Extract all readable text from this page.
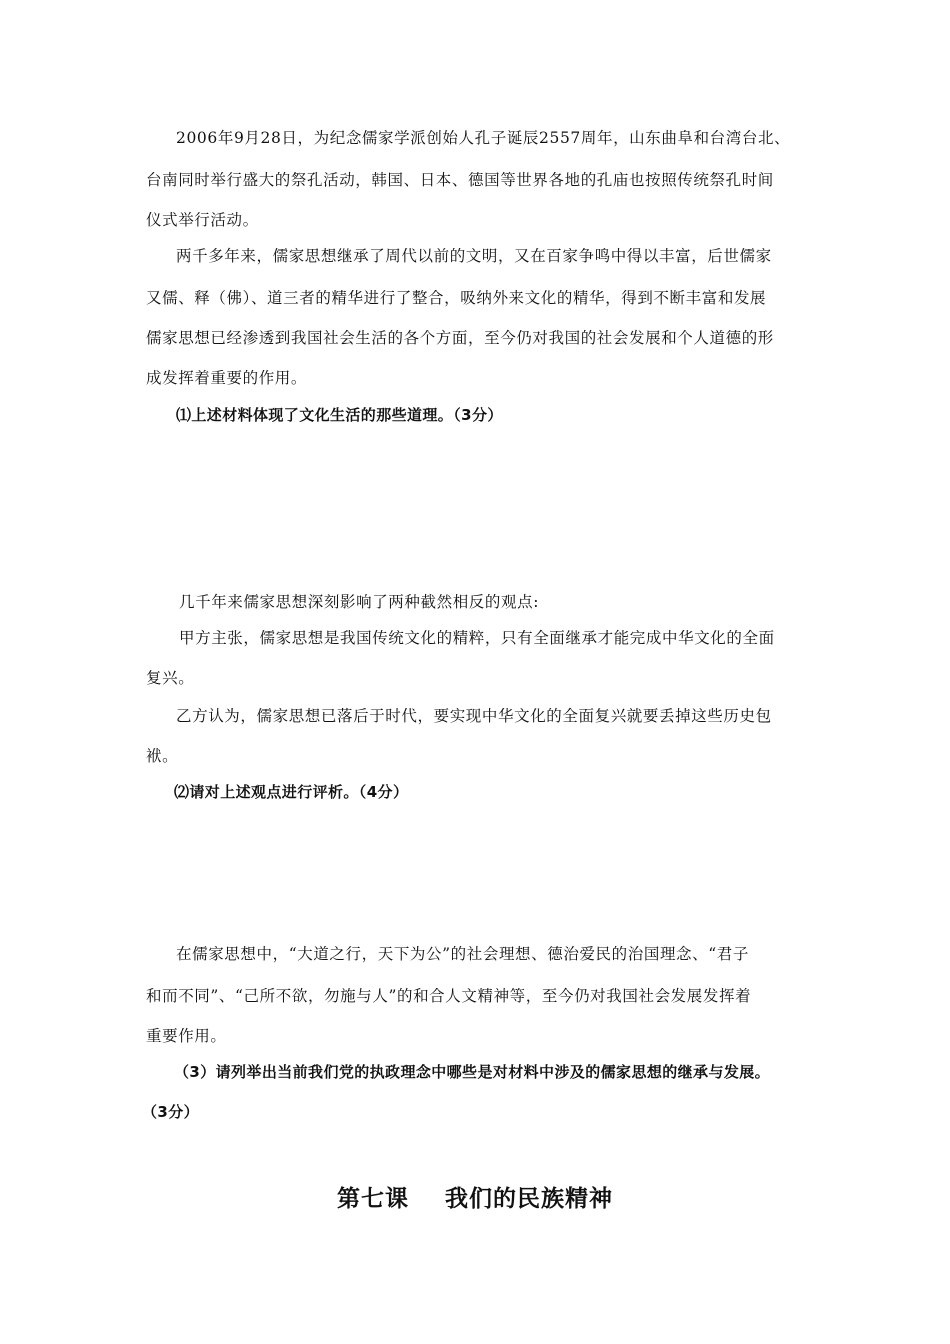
2006年9月28日，为纪念儒家学派创始人孔子诞辰2557周年，山东曲阜和台湾台北、
台南同时举行盛大的祭孔活动，韩国、日本、德国等世界各地的孔庙也按照传统祭孔时间
仪式举行活动。
两千多年来，儒家思想继承了周代以前的文明，又在百家争鸣中得以丰富，后世儒家
又儒、释（佛）、道三者的精华进行了整合，吸纳外来文化的精华，得到不断丰富和发展
儒家思想已经渗透到我国社会生活的各个方面，至今仍对我国的社会发展和个人道德的形
成发挥着重要的作用。
⑴上述材料体现了文化生活的那些道理。（3分）
几千年来儒家思想深刻影响了两种截然相反的观点:
甲方主张，儒家思想是我国传统文化的精粹，只有全面继承才能完成中华文化的全面
复兴。
乙方认为，儒家思想已落后于时代，要实现中华文化的全面复兴就要丢掉这些历史包
袱。
⑵请对上述观点进行评析。（4分）
在儒家思想中，“大道之行，天下为公”的社会理想、德治爱民的治国理念、“君子
和而不同”、“己所不欲，勿施与人”的和合人文精神等，至今仍对我国社会发展发挥着
重要作用。
（3）请列举出当前我们党的执政理念中哪些是对材料中涉及的儒家思想的继承与发展。
（3分）
第七课    我们的民族精神
